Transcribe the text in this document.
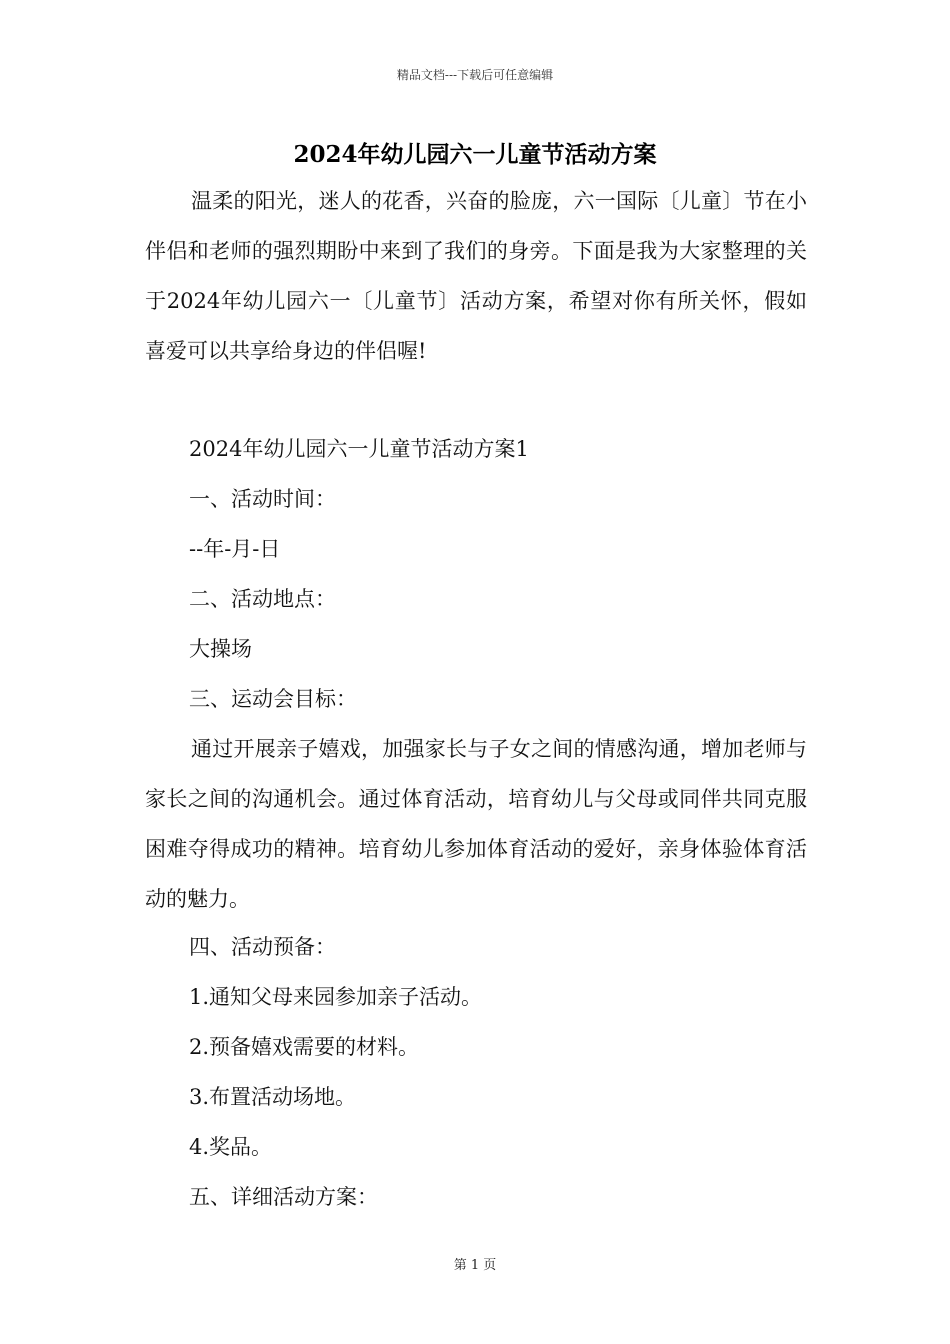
精品文档---下载后可任意编辑
2024年幼儿园六一儿童节活动方案
温柔的阳光，迷人的花香，兴奋的脸庞，六一国际〔儿童〕节在小伴侣和老师的强烈期盼中来到了我们的身旁。下面是我为大家整理的关于2024年幼儿园六一〔儿童节〕活动方案，希望对你有所关怀，假如喜爱可以共享给身边的伴侣喔!
2024年幼儿园六一儿童节活动方案1
一、活动时间：
--年-月-日
二、活动地点：
大操场
三、运动会目标：
通过开展亲子嬉戏，加强家长与子女之间的情感沟通，增加老师与家长之间的沟通机会。通过体育活动，培育幼儿与父母或同伴共同克服困难夺得成功的精神。培育幼儿参加体育活动的爱好，亲身体验体育活动的魅力。
四、活动预备：
1.通知父母来园参加亲子活动。
2.预备嬉戏需要的材料。
3.布置活动场地。
4.奖品。
五、详细活动方案：
第 1 页
